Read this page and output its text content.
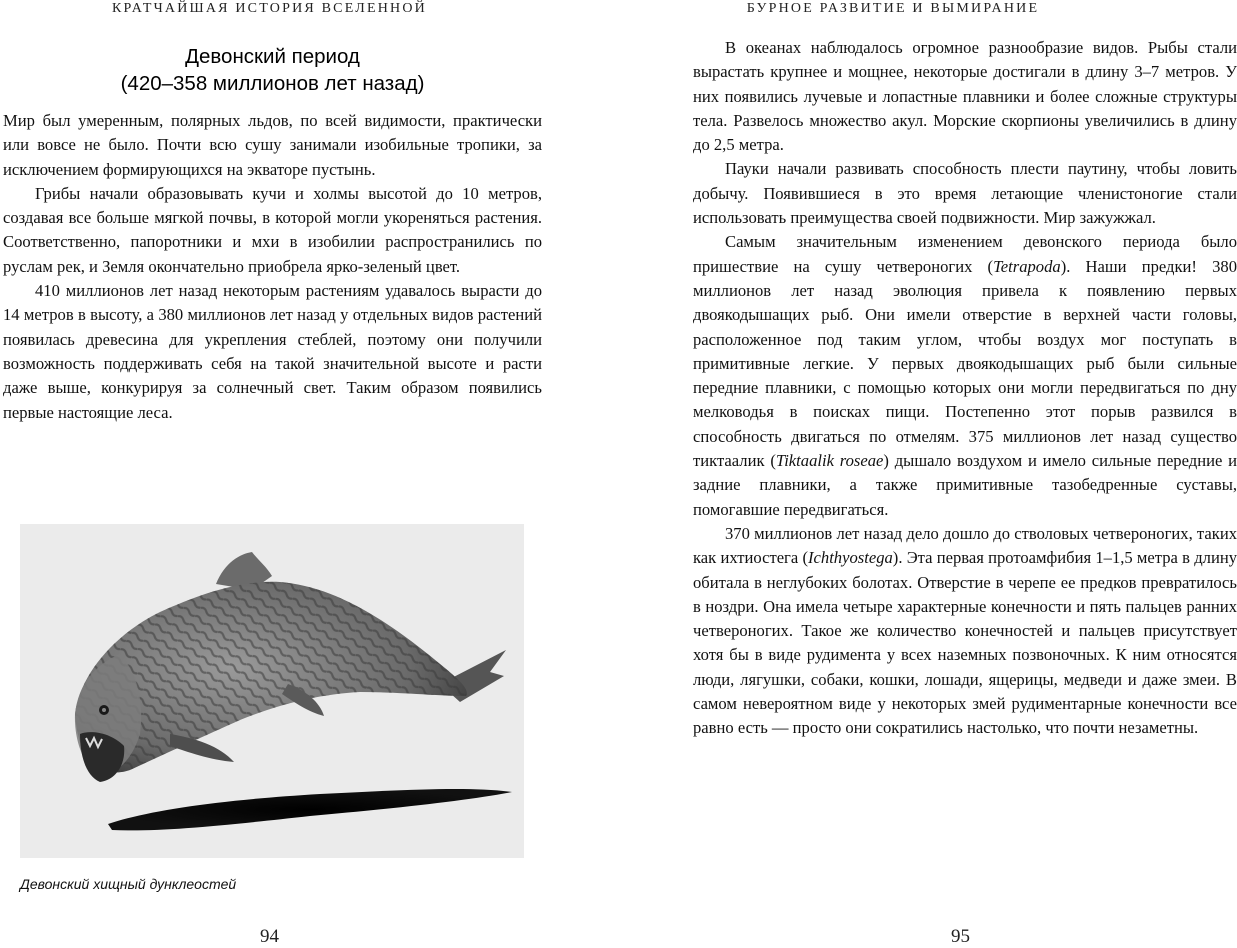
КРАТЧАЙШАЯ ИСТОРИЯ ВСЕЛЕННОЙ
Девонский период
(420–358 миллионов лет назад)

Мир был умеренным, полярных льдов, по всей видимости, практически или вовсе не было. Почти всю сушу занимали изобильные тропики, за исключением формирующихся на экваторе пустынь.

Грибы начали образовывать кучи и холмы высотой до 10 метров, создавая все больше мягкой почвы, в которой могли укореняться растения. Соответственно, папоротники и мхи в изобилии распространились по руслам рек, и Земля окончательно приобрела ярко-зеленый цвет.

410 миллионов лет назад некоторым растениям удавалось вырасти до 14 метров в высоту, а 380 миллионов лет назад у отдельных видов растений появилась древесина для укрепления стеблей, поэтому они получили возможность поддерживать себя на такой значительной высоте и расти даже выше, конкурируя за солнечный свет. Таким образом появились первые настоящие леса.

Девонский хищный дунклеостей
94
БУРНОЕ РАЗВИТИЕ И ВЫМИРАНИЕ

В океанах наблюдалось огромное разнообразие видов. Рыбы стали вырастать крупнее и мощнее, некоторые достигали в длину 3–7 метров. У них появились лучевые и лопастные плавники и более сложные структуры тела. Развелось множество акул. Морские скорпионы увеличились в длину до 2,5 метра.

Пауки начали развивать способность плести паутину, чтобы ловить добычу. Появившиеся в это время летающие членистоногие стали использовать преимущества своей подвижности. Мир зажужжал.

Самым значительным изменением девонского периода было пришествие на сушу четвероногих (Tetrapoda). Наши предки! 380 миллионов лет назад эволюция привела к появлению первых двоякодышащих рыб. Они имели отверстие в верхней части головы, расположенное под таким углом, чтобы воздух мог поступать в примитивные легкие. У первых двоякодышащих рыб были сильные передние плавники, с помощью которых они могли передвигаться по дну мелководья в поисках пищи. Постепенно этот порыв развился в способность двигаться по отмелям. 375 миллионов лет назад существо тиктаалик (Tiktaalik roseae) дышало воздухом и имело сильные передние и задние плавники, а также примитивные тазобедренные суставы, помогавшие передвигаться.

370 миллионов лет назад дело дошло до стволовых четвероногих, таких как ихтиостега (Ichthyostega). Эта первая протоамфибия 1–1,5 метра в длину обитала в неглубоких болотах. Отверстие в черепе ее предков превратилось в ноздри. Она имела четыре характерные конечности и пять пальцев ранних четвероногих. Такое же количество конечностей и пальцев присутствует хотя бы в виде рудимента у всех наземных позвоночных. К ним относятся люди, лягушки, собаки, кошки, лошади, ящерицы, медведи и даже змеи. В самом невероятном виде у некоторых змей рудиментарные конечности все равно есть — просто они сократились настолько, что почти незаметны.

95
